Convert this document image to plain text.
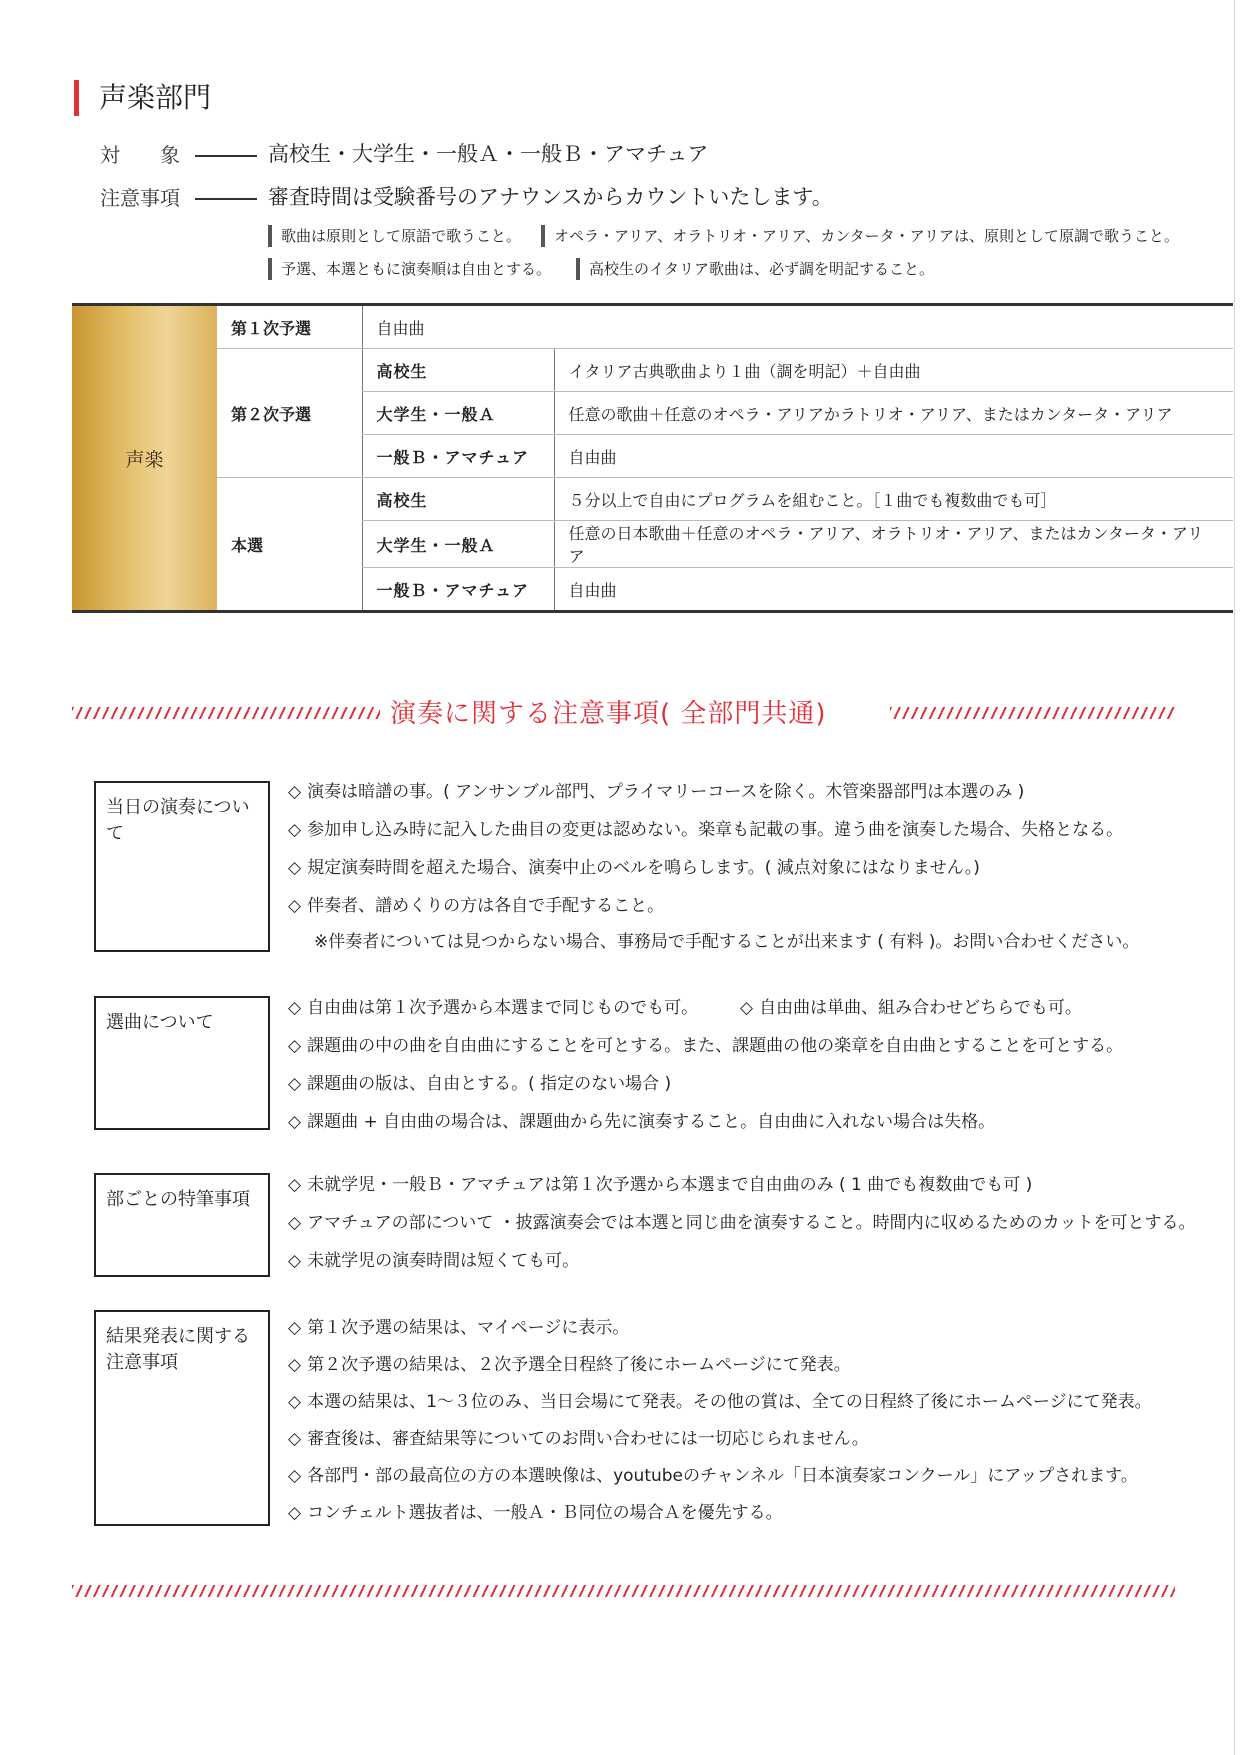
声楽部門
対　　象	高校生・大学生・一般Ａ・一般Ｂ・アマチュア
注意事項	審査時間は受験番号のアナウンスからカウントいたします。
歌曲は原則として原語で歌うこと。	オペラ・アリア、オラトリオ・アリア、カンタータ・アリアは、原則として原調で歌うこと。
予選、本選ともに演奏順は自由とする。	高校生のイタリア歌曲は、必ず調を明記すること。
声楽	第１次予選	自由曲	
	第２次予選	高校生	イタリア古典歌曲より１曲（調を明記）＋自由曲
		大学生・一般Ａ	任意の歌曲＋任意のオペラ・アリアかラトリオ・アリア、またはカンタータ・アリア
		一般Ｂ・アマチュア	自由曲
	本選	高校生	５分以上で自由にプログラムを組むこと。［１曲でも複数曲でも可］
		大学生・一般Ａ	任意の日本歌曲＋任意のオペラ・アリア、オラトリオ・アリア、またはカンタータ・アリア
		一般Ｂ・アマチュア	自由曲
演奏に関する注意事項( 全部門共通)
当日の演奏について
◇ 演奏は暗譜の事。( アンサンブル部門、プライマリーコースを除く。木管楽器部門は本選のみ )
◇ 参加申し込み時に記入した曲目の変更は認めない。楽章も記載の事。違う曲を演奏した場合、失格となる。
◇ 規定演奏時間を超えた場合、演奏中止のベルを鳴らします。( 減点対象にはなりません。)
◇ 伴奏者、譜めくりの方は各自で手配すること。
※伴奏者については見つからない場合、事務局で手配することが出来ます ( 有料 )。お問い合わせください。
選曲について
◇ 自由曲は第１次予選から本選まで同じものでも可。 ◇ 自由曲は単曲、組み合わせどちらでも可。
◇ 課題曲の中の曲を自由曲にすることを可とする。また、課題曲の他の楽章を自由曲とすることを可とする。
◇ 課題曲の版は、自由とする。( 指定のない場合 )
◇ 課題曲 + 自由曲の場合は、課題曲から先に演奏すること。自由曲に入れない場合は失格。
部ごとの特筆事項
◇ 未就学児・一般Ｂ・アマチュアは第１次予選から本選まで自由曲のみ ( 1 曲でも複数曲でも可 )
◇ アマチュアの部について ・披露演奏会では本選と同じ曲を演奏すること。時間内に収めるためのカットを可とする。
◇ 未就学児の演奏時間は短くても可。
結果発表に関する注意事項
◇ 第１次予選の結果は、マイページに表示。
◇ 第２次予選の結果は、２次予選全日程終了後にホームページにて発表。
◇ 本選の結果は、1〜３位のみ、当日会場にて発表。その他の賞は、全ての日程終了後にホームページにて発表。
◇ 審査後は、審査結果等についてのお問い合わせには一切応じられません。
◇ 各部門・部の最高位の方の本選映像は、youtubeのチャンネル「日本演奏家コンクール」にアップされます。
◇ コンチェルト選抜者は、一般Ａ・Ｂ同位の場合Ａを優先する。
